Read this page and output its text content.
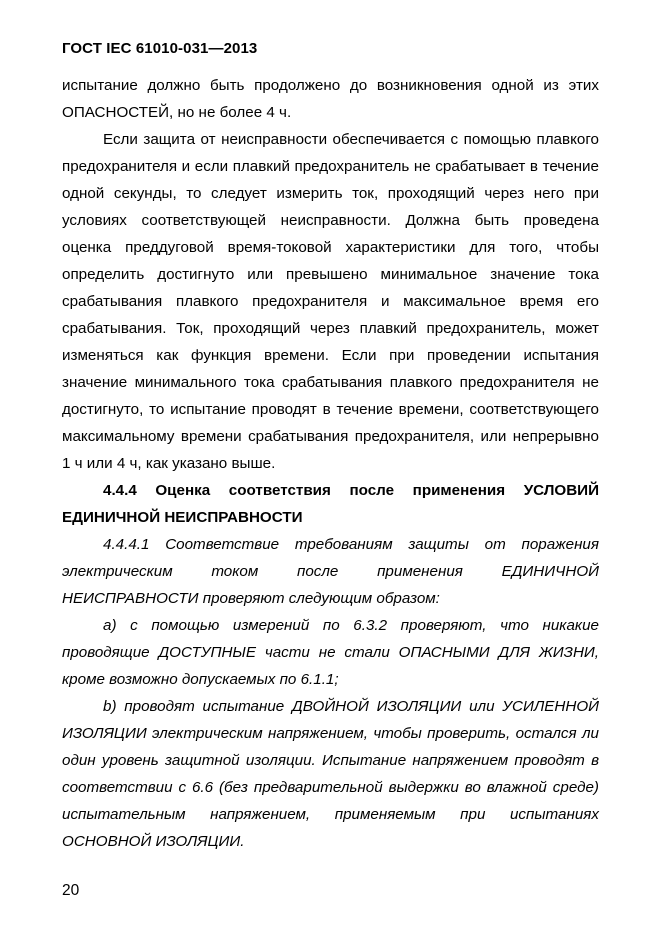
ГОСТ IEC 61010-031—2013

испытание должно быть продолжено до возникновения одной из этих ОПАСНОСТЕЙ, но не более 4 ч.

Если защита от неисправности обеспечивается с помощью плавкого предохранителя и если плавкий предохранитель не срабатывает в течение одной секунды, то следует измерить ток, проходящий через него при условиях соответствующей неисправности. Должна быть проведена оценка преддуговой время-токовой характеристики для того, чтобы определить достигнуто или превышено минимальное значение тока срабатывания плавкого предохранителя и максимальное время его срабатывания. Ток, проходящий через плавкий предохранитель, может изменяться как функция времени. Если при проведении испытания значение минимального тока срабатывания плавкого предохранителя не достигнуто, то испытание проводят в течение времени, соответствующего максимальному времени срабатывания предохранителя, или непрерывно 1 ч или 4 ч, как указано выше.

4.4.4 Оценка соответствия после применения УСЛОВИЙ ЕДИНИЧНОЙ НЕИСПРАВНОСТИ

4.4.4.1 Соответствие требованиям защиты от поражения электрическим током после применения ЕДИНИЧНОЙ НЕИСПРАВНОСТИ проверяют следующим образом:

a) с помощью измерений по 6.3.2 проверяют, что никакие проводящие ДОСТУПНЫЕ части не стали ОПАСНЫМИ ДЛЯ ЖИЗНИ, кроме возможно допускаемых по 6.1.1;

b) проводят испытание ДВОЙНОЙ ИЗОЛЯЦИИ или УСИЛЕННОЙ ИЗОЛЯЦИИ электрическим напряжением, чтобы проверить, остался ли один уровень защитной изоляции. Испытание напряжением проводят в соответствии с 6.6 (без предварительной выдержки во влажной среде) испытательным напряжением, применяемым при испытаниях ОСНОВНОЙ ИЗОЛЯЦИИ.

20
